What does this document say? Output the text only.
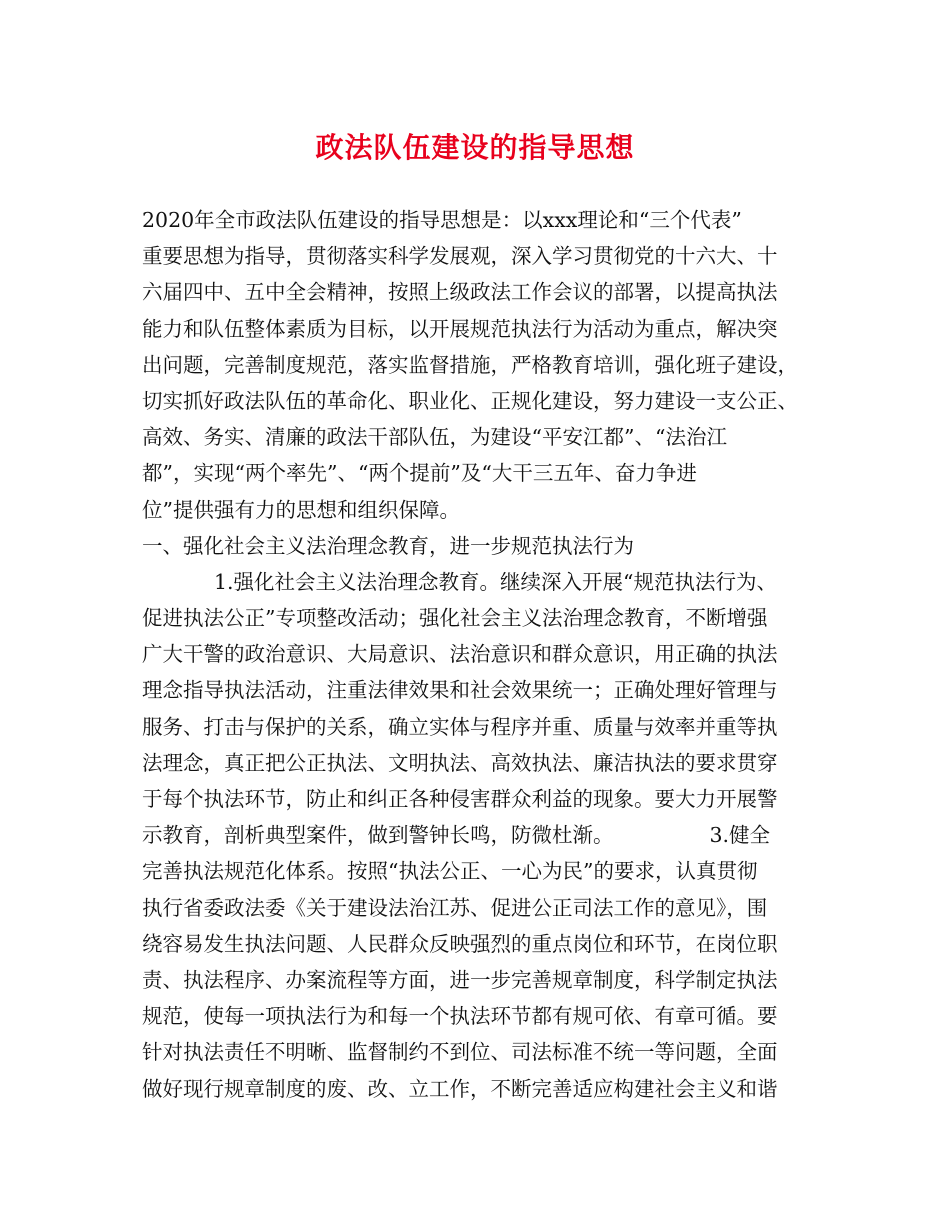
政法队伍建设的指导思想
2020年全市政法队伍建设的指导思想是：以xxx理论和“三个代表”
重要思想为指导，贯彻落实科学发展观，深入学习贯彻党的十六大、十
六届四中、五中全会精神，按照上级政法工作会议的部署，以提高执法
能力和队伍整体素质为目标，以开展规范执法行为活动为重点，解决突
出问题，完善制度规范，落实监督措施，严格教育培训，强化班子建设，
切实抓好政法队伍的革命化、职业化、正规化建设，努力建设一支公正、
高效、务实、清廉的政法干部队伍，为建设“平安江都”、“法治江
都”，实现“两个率先”、“两个提前”及“大干三五年、奋力争进
位”提供强有力的思想和组织保障。
一、强化社会主义法治理念教育，进一步规范执法行为
1.强化社会主义法治理念教育。继续深入开展“规范执法行为、
促进执法公正”专项整改活动；强化社会主义法治理念教育，不断增强
广大干警的政治意识、大局意识、法治意识和群众意识，用正确的执法
理念指导执法活动，注重法律效果和社会效果统一；正确处理好管理与
服务、打击与保护的关系，确立实体与程序并重、质量与效率并重等执
法理念，真正把公正执法、文明执法、高效执法、廉洁执法的要求贯穿
于每个执法环节，防止和纠正各种侵害群众利益的现象。要大力开展警
示教育，剖析典型案件，做到警钟长鸣，防微杜渐。	3.健全
完善执法规范化体系。按照“执法公正、一心为民”的要求，认真贯彻
执行省委政法委《关于建设法治江苏、促进公正司法工作的意见》，围
绕容易发生执法问题、人民群众反映强烈的重点岗位和环节，在岗位职
责、执法程序、办案流程等方面，进一步完善规章制度，科学制定执法
规范，使每一项执法行为和每一个执法环节都有规可依、有章可循。要
针对执法责任不明晰、监督制约不到位、司法标准不统一等问题，全面
做好现行规章制度的废、改、立工作，不断完善适应构建社会主义和谐
